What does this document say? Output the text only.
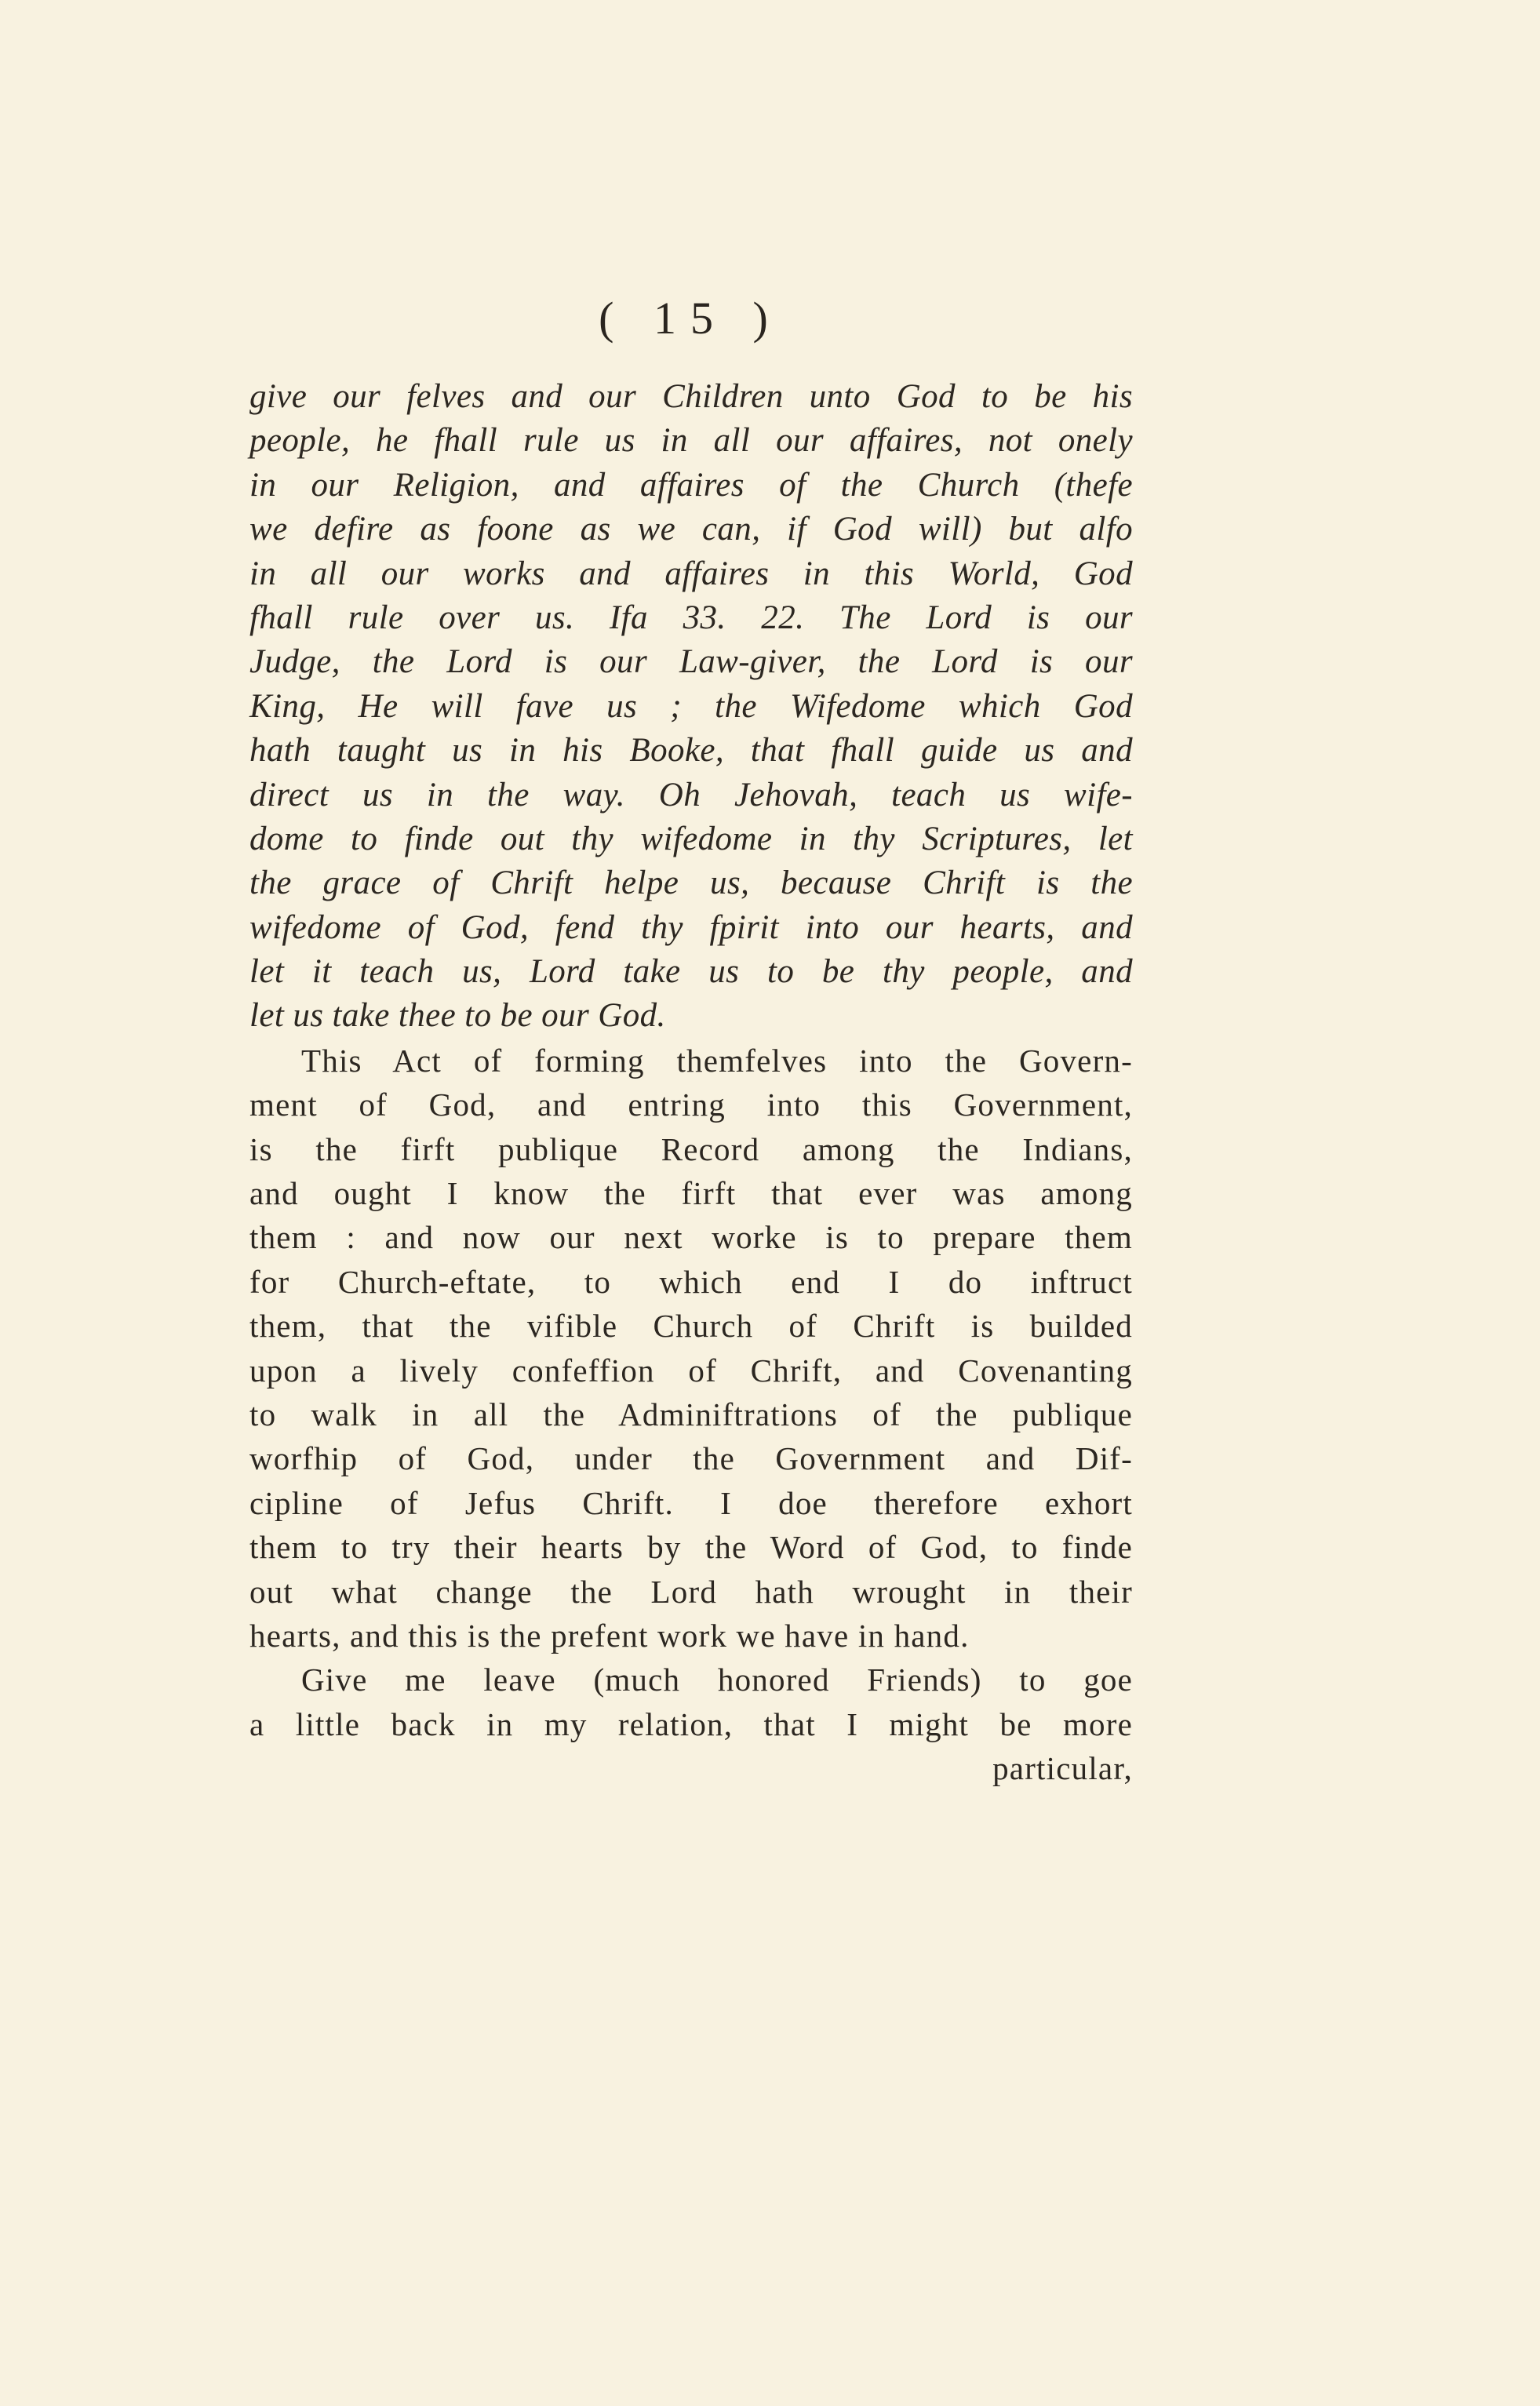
( 15 )
give our felves and our Children unto God to be his
people, he fhall rule us in all our affaires, not onely
in our Religion, and affaires of the Church (thefe
we defire as foone as we can, if God will) but alfo
in all our works and affaires in this World, God
fhall rule over us. Ifa 33. 22. The Lord is our
Judge, the Lord is our Law-giver, the Lord is our
King, He will fave us ; the Wifedome which God
hath taught us in his Booke, that fhall guide us and
direct us in the way. Oh Jehovah, teach us wife-
dome to finde out thy wifedome in thy Scriptures, let
the grace of Chrift helpe us, because Chrift is the
wifedome of God, fend thy fpirit into our hearts, and
let it teach us, Lord take us to be thy people, and
let us take thee to be our God.
This Act of forming themfelves into the Govern-
ment of God, and entring into this Government,
is the firft publique Record among the Indians,
and ought I know the firft that ever was among
them : and now our next worke is to prepare them
for Church-eftate, to which end I do inftruct
them, that the vifible Church of Chrift is builded
upon a lively confeffion of Chrift, and Covenanting
to walk in all the Adminiftrations of the publique
worfhip of God, under the Government and Dif-
cipline of Jefus Chrift. I doe therefore exhort
them to try their hearts by the Word of God, to finde
out what change the Lord hath wrought in their
hearts, and this is the prefent work we have in hand.
Give me leave (much honored Friends) to goe
a little back in my relation, that I might be more
particular,
